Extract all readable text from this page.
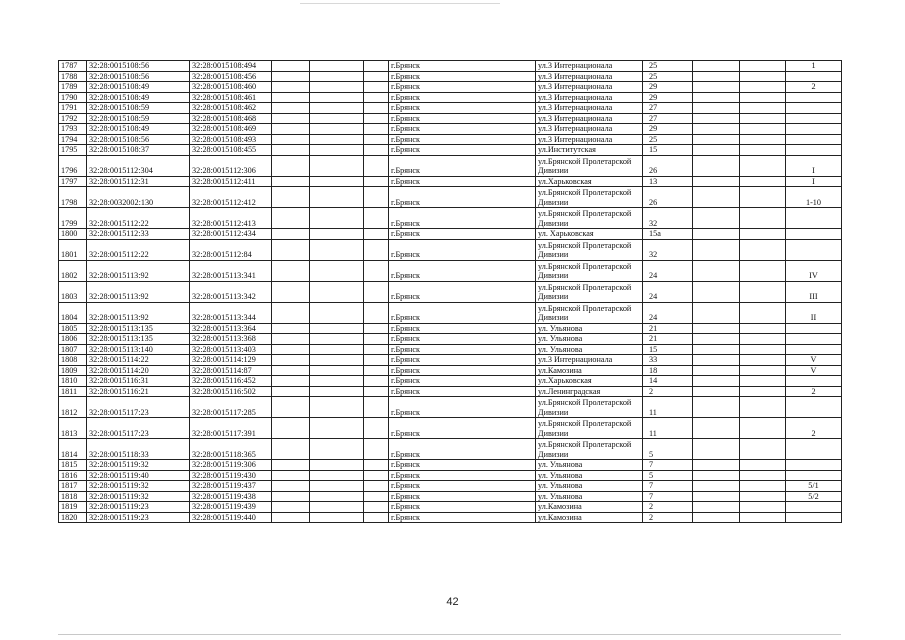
1787	32:28:0015108:56	32:28:0015108:494				г.Брянск	ул.3 Интернационала	25			1
1788	32:28:0015108:56	32:28:0015108:456				г.Брянск	ул.3 Интернационала	25			
1789	32:28:0015108:49	32:28:0015108:460				г.Брянск	ул.3 Интернационала	29			2
1790	32:28:0015108:49	32:28:0015108:461				г.Брянск	ул.3 Интернационала	29			
1791	32:28:0015108:59	32:28:0015108:462				г.Брянск	ул.3 Интернационала	27			
1792	32:28:0015108:59	32:28:0015108:468				г.Брянск	ул.3 Интернационала	27			
1793	32:28:0015108:49	32:28:0015108:469				г.Брянск	ул.3 Интернационала	29			
1794	32:28:0015108:56	32:28:0015108:493				г.Брянск	ул.3 Интернационала	25			
1795	32:28:0015108:37	32:28:0015108:455				г.Брянск	ул.Институтская	15			
1796	32:28:0015112:304	32:28:0015112:306				г.Брянск	ул.Брянской Пролетарской Дивизии	26			I
1797	32:28:0015112:31	32:28:0015112:411				г.Брянск	ул.Харьковская	13			I
1798	32:28:0032002:130	32:28:0015112:412				г.Брянск	ул.Брянской Пролетарской Дивизии	26			1-10
1799	32:28:0015112:22	32:28:0015112:413				г.Брянск	ул.Брянской Пролетарской Дивизии	32			
1800	32:28:0015112:33	32:28:0015112:434				г.Брянск	ул. Харьковская	15а			
1801	32:28:0015112:22	32:28:0015112:84				г.Брянск	ул.Брянской Пролетарской Дивизии	32			
1802	32:28:0015113:92	32:28:0015113:341				г.Брянск	ул.Брянской Пролетарской Дивизии	24			IV
1803	32:28:0015113:92	32:28:0015113:342				г.Брянск	ул.Брянской Пролетарской Дивизии	24			III
1804	32:28:0015113:92	32:28:0015113:344				г.Брянск	ул.Брянской Пролетарской Дивизии	24			II
1805	32:28:0015113:135	32:28:0015113:364				г.Брянск	ул. Ульянова	21			
1806	32:28:0015113:135	32:28:0015113:368				г.Брянск	ул. Ульянова	21			
1807	32:28:0015113:140	32:28:0015113:403				г.Брянск	ул. Ульянова	15			
1808	32:28:0015114:22	32:28:0015114:129				г.Брянск	ул.3 Интернационала	33			V
1809	32:28:0015114:20	32:28:0015114:87				г.Брянск	ул.Камозина	18			V
1810	32:28:0015116:31	32:28:0015116:452				г.Брянск	ул.Харьковская	14			
1811	32:28:0015116:21	32:28:0015116:502				г.Брянск	ул.Ленинградская	2			2
1812	32:28:0015117:23	32:28:0015117:285				г.Брянск	ул.Брянской Пролетарской Дивизии	11			
1813	32:28:0015117:23	32:28:0015117:391				г.Брянск	ул.Брянской Пролетарской Дивизии	11			2
1814	32:28:0015118:33	32:28:0015118:365				г.Брянск	ул.Брянской Пролетарской Дивизии	5			
1815	32:28:0015119:32	32:28:0015119:306				г.Брянск	ул. Ульянова	7			
1816	32:28:0015119:40	32:28:0015119:430				г.Брянск	ул. Ульянова	5			
1817	32:28:0015119:32	32:28:0015119:437				г.Брянск	ул. Ульянова	7			5/1
1818	32:28:0015119:32	32:28:0015119:438				г.Брянск	ул. Ульянова	7			5/2
1819	32:28:0015119:23	32:28:0015119:439				г.Брянск	ул.Камозина	2			
1820	32:28:0015119:23	32:28:0015119:440				г.Брянск	ул.Камозина	2			
42
